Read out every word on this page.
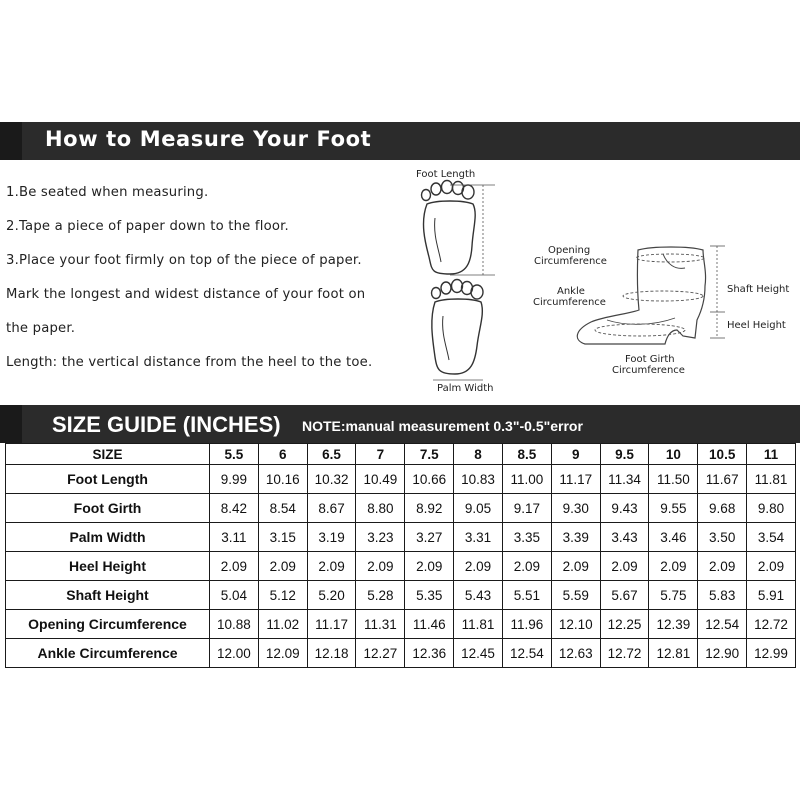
How to Measure Your Foot
1.Be seated when measuring.
2.Tape a piece of paper down to the floor.
3.Place your foot firmly on top of the piece of paper.
Mark the longest and widest distance of your foot on
the paper.
Length: the vertical distance from the heel to the toe.
Foot Length
Palm Width
Opening
Circumference
Ankle
Circumference
Shaft Height
Heel Height
Foot Girth
Circumference
SIZE GUIDE (INCHES) NOTE:manual measurement 0.3"-0.5"error
SIZE	5.5	6	6.5	7	7.5	8	8.5	9	9.5	10	10.5	11
Foot Length	9.99	10.16	10.32	10.49	10.66	10.83	11.00	11.17	11.34	11.50	11.67	11.81
Foot Girth	8.42	8.54	8.67	8.80	8.92	9.05	9.17	9.30	9.43	9.55	9.68	9.80
Palm Width	3.11	3.15	3.19	3.23	3.27	3.31	3.35	3.39	3.43	3.46	3.50	3.54
Heel Height	2.09	2.09	2.09	2.09	2.09	2.09	2.09	2.09	2.09	2.09	2.09	2.09
Shaft Height	5.04	5.12	5.20	5.28	5.35	5.43	5.51	5.59	5.67	5.75	5.83	5.91
Opening Circumference	10.88	11.02	11.17	11.31	11.46	11.81	11.96	12.10	12.25	12.39	12.54	12.72
Ankle Circumference	12.00	12.09	12.18	12.27	12.36	12.45	12.54	12.63	12.72	12.81	12.90	12.99
